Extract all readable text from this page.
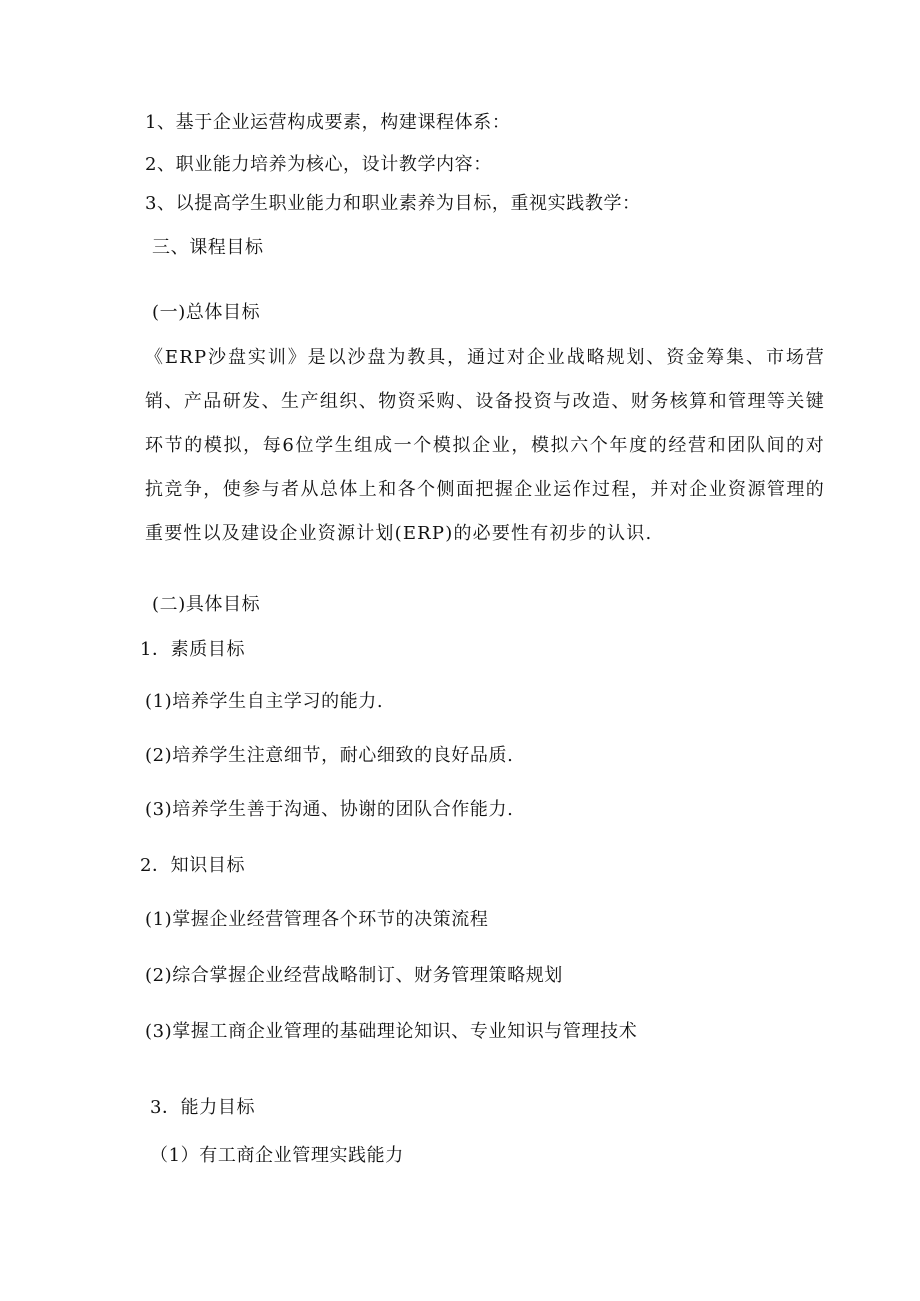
1、基于企业运营构成要素，构建课程体系：
2、职业能力培养为核心，设计教学内容：
3、以提高学生职业能力和职业素养为目标，重视实践教学：
三、课程目标
(一)总体目标
《ERP沙盘实训》是以沙盘为教具，通过对企业战略规划、资金筹集、市场营销、产品研发、生产组织、物资采购、设备投资与改造、财务核算和管理等关键环节的模拟，每6位学生组成一个模拟企业，模拟六个年度的经营和团队间的对抗竞争，使参与者从总体上和各个侧面把握企业运作过程，并对企业资源管理的重要性以及建设企业资源计划(ERP)的必要性有初步的认识.
(二)具体目标
1．素质目标
(1)培养学生自主学习的能力.
(2)培养学生注意细节，耐心细致的良好品质.
(3)培养学生善于沟通、协谢的团队合作能力.
2．知识目标
(1)掌握企业经营管理各个环节的决策流程
(2)综合掌握企业经营战略制订、财务管理策略规划
(3)掌握工商企业管理的基础理论知识、专业知识与管理技术
3．能力目标
（1）有工商企业管理实践能力
